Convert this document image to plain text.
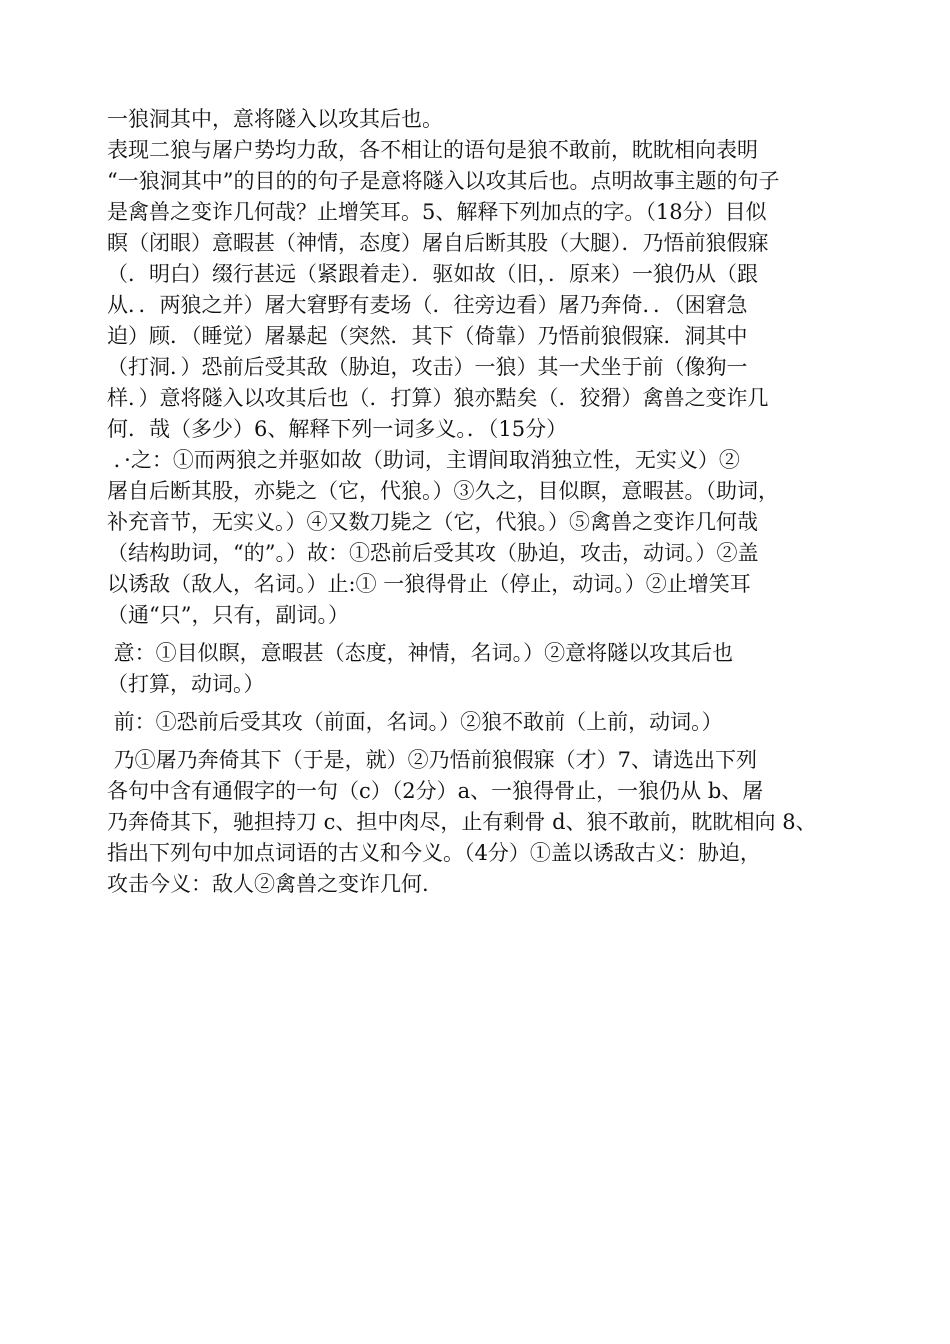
一狼洞其中，意将隧入以攻其后也。
表现二狼与屠户势均力敌，各不相让的语句是狼不敢前，眈眈相向表明
“一狼洞其中”的目的的句子是意将隧入以攻其后也。点明故事主题的句子
是禽兽之变诈几何哉？止增笑耳。5、解释下列加点的字。（18分）目似
瞑（闭眼）意暇甚（神情，态度）屠自后断其股（大腿）．乃悟前狼假寐
（．明白）缀行甚远（紧跟着走）．驱如故（旧，．原来）一狼仍从（跟
从．．两狼之并）屠大窘野有麦场（．往旁边看）屠乃奔倚．．（困窘急
迫）顾．（睡觉）屠暴起（突然．其下（倚靠）乃悟前狼假寐．洞其中
（打洞．）恐前后受其敌（胁迫，攻击）一狼）其一犬坐于前（像狗一
样．）意将隧入以攻其后也（．打算）狼亦黠矣（．狡猾）禽兽之变诈几
何．哉（多少）6、解释下列一词多义。．（15分）
．·之：①而两狼之并驱如故（助词，主谓间取消独立性，无实义）②
屠自后断其股，亦毙之（它，代狼。）③久之，目似瞑，意暇甚。（助词，
补充音节，无实义。）④又数刀毙之（它，代狼。）⑤禽兽之变诈几何哉
（结构助词，“的”。）故：①恐前后受其攻（胁迫，攻击，动词。）②盖
以诱敌（敌人，名词。）止:① 一狼得骨止（停止，动词。）②止增笑耳
（通“只”，只有，副词。）
意：①目似瞑，意暇甚（态度，神情，名词。）②意将隧以攻其后也
（打算，动词。）
前：①恐前后受其攻（前面，名词。）②狼不敢前（上前，动词。）
乃①屠乃奔倚其下（于是，就）②乃悟前狼假寐（才）7、请选出下列
各句中含有通假字的一句（c）（2分）a、一狼得骨止，一狼仍从 b、屠
乃奔倚其下，驰担持刀 c、担中肉尽，止有剩骨 d、狼不敢前，眈眈相向 8、
指出下列句中加点词语的古义和今义。（4分）①盖以诱敌古义：胁迫，
攻击今义：敌人②禽兽之变诈几何.
